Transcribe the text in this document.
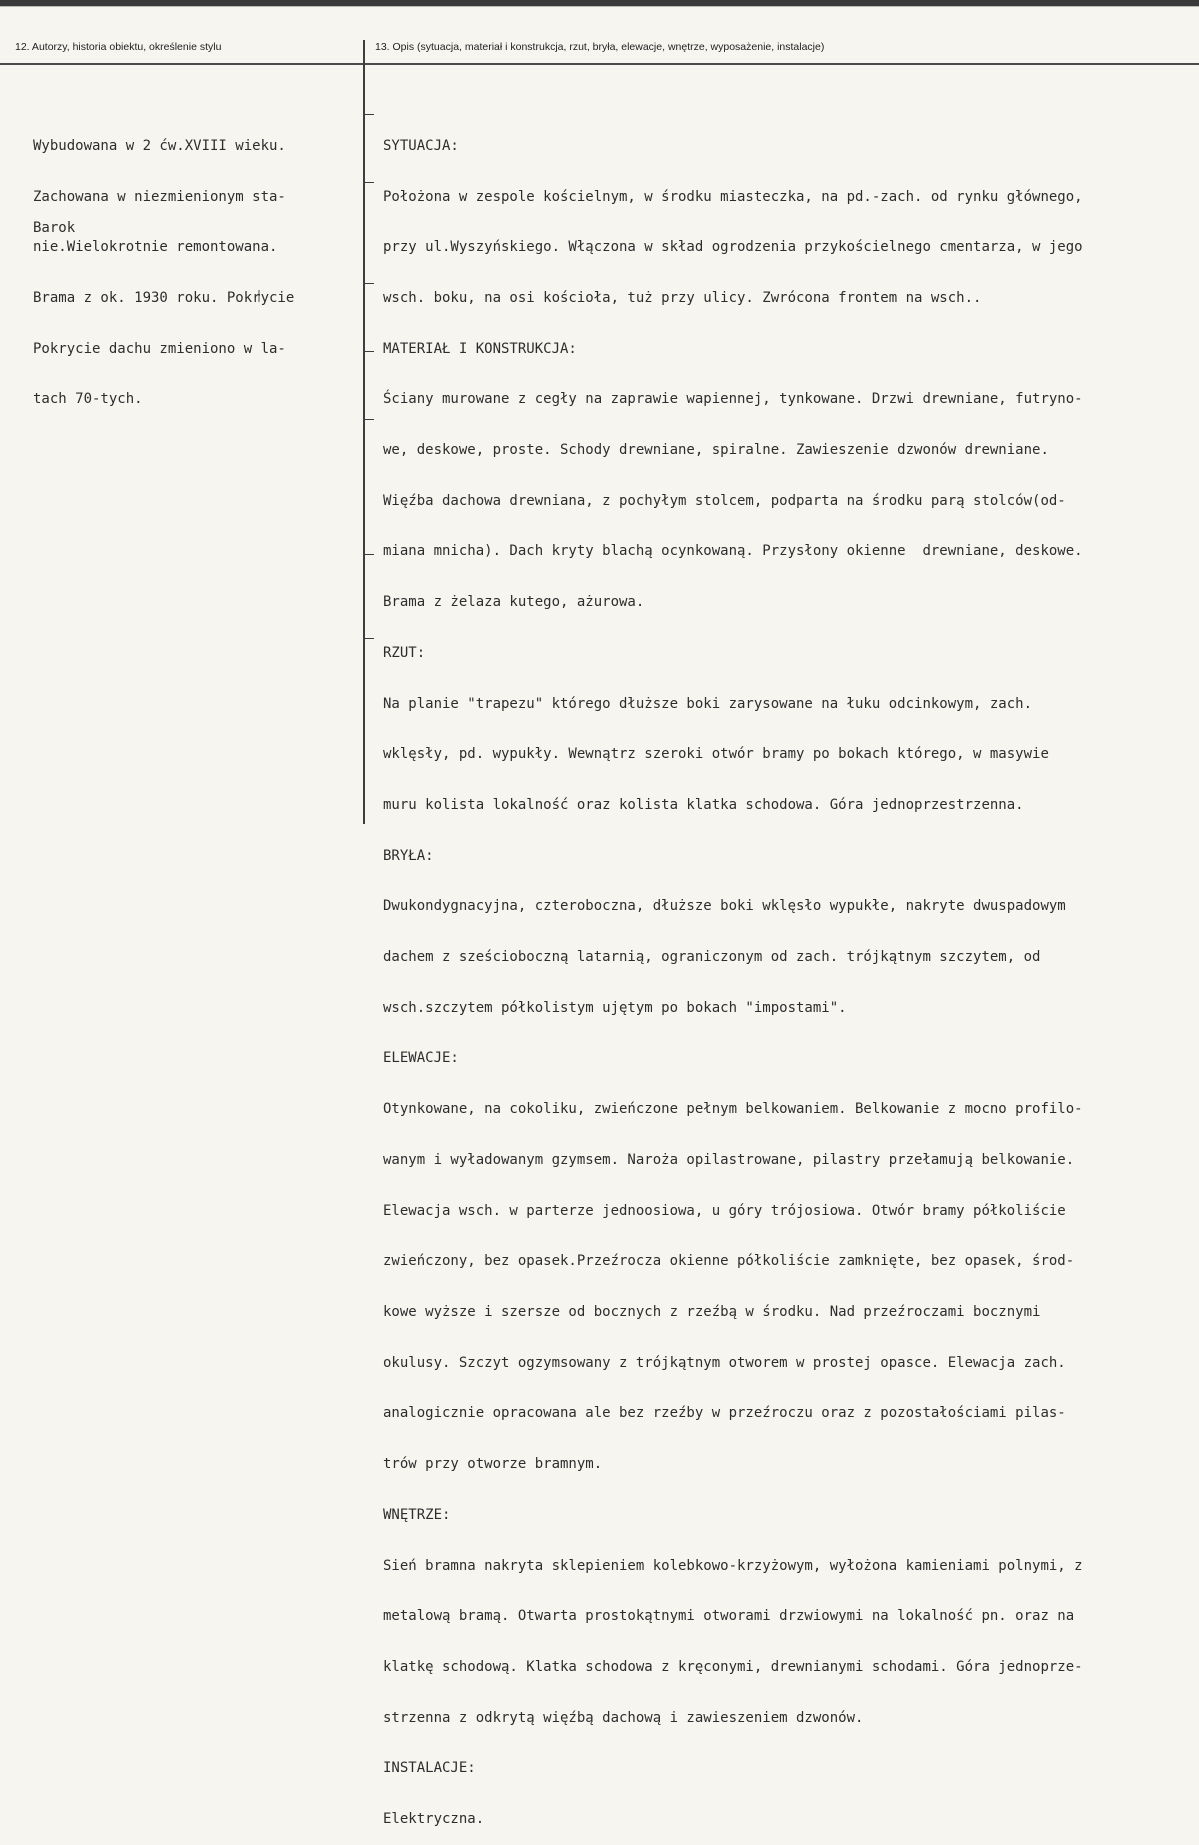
12. Autorzy, historia obiektu, określenie stylu	13. Opis (sytuacja, materiał i konstrukcja, rzut, bryła, elewacje, wnętrze, wyposażenie, instalacje)

Wybudowana w 2 ćw.XVIII wieku.

Zachowana w niezmienionym sta-

nie.Wielokrotnie remontowana.

Brama z ok. 1930 roku. Pokrycie

Pokrycie dachu zmieniono w la-

tach 70-tych.

Barok

SYTUACJA:

Położona w zespole kościelnym, w środku miasteczka, na pd.-zach. od rynku głównego,

przy ul.Wyszyńskiego. Włączona w skład ogrodzenia przykościelnego cmentarza, w jego

wsch. boku, na osi kościoła, tuż przy ulicy. Zwrócona frontem na wsch..

MATERIAŁ I KONSTRUKCJA:

Ściany murowane z cegły na zaprawie wapiennej, tynkowane. Drzwi drewniane, futryno-

we, deskowe, proste. Schody drewniane, spiralne. Zawieszenie dzwonów drewniane.

Więźba dachowa drewniana, z pochyłym stolcem, podparta na środku parą stolców(od-

miana mnicha). Dach kryty blachą ocynkowaną. Przysłony okienne  drewniane, deskowe.

Brama z żelaza kutego, ażurowa.

RZUT:

Na planie "trapezu" którego dłuższe boki zarysowane na łuku odcinkowym, zach.

wklęsły, pd. wypukły. Wewnątrz szeroki otwór bramy po bokach którego, w masywie

muru kolista lokalność oraz kolista klatka schodowa. Góra jednoprzestrzenna.

BRYŁA:

Dwukondygnacyjna, czteroboczna, dłuższe boki wklęsło wypukłe, nakryte dwuspadowym

dachem z sześcioboczną latarnią, ograniczonym od zach. trójkątnym szczytem, od

wsch.szczytem półkolistym ujętym po bokach "impostami".

ELEWACJE:

Otynkowane, na cokoliku, zwieńczone pełnym belkowaniem. Belkowanie z mocno profilo-

wanym i wyładowanym gzymsem. Naroża opilastrowane, pilastry przełamują belkowanie.

Elewacja wsch. w parterze jednoosiowa, u góry trójosiowa. Otwór bramy półkoliście

zwieńczony, bez opasek.Przeźrocza okienne półkoliście zamknięte, bez opasek, środ-

kowe wyższe i szersze od bocznych z rzeźbą w środku. Nad przeźroczami bocznymi

okulusy. Szczyt ogzymsowany z trójkątnym otworem w prostej opasce. Elewacja zach.

analogicznie opracowana ale bez rzeźby w przeźroczu oraz z pozostałościami pilas-

trów przy otworze bramnym.

WNĘTRZE:

Sień bramna nakryta sklepieniem kolebkowo-krzyżowym, wyłożona kamieniami polnymi, z

metalową bramą. Otwarta prostokątnymi otworami drzwiowymi na lokalność pn. oraz na

klatkę schodową. Klatka schodowa z kręconymi, drewnianymi schodami. Góra jednoprze-

strzenna z odkrytą więźbą dachową i zawieszeniem dzwonów.

INSTALACJE:

Elektryczna.
